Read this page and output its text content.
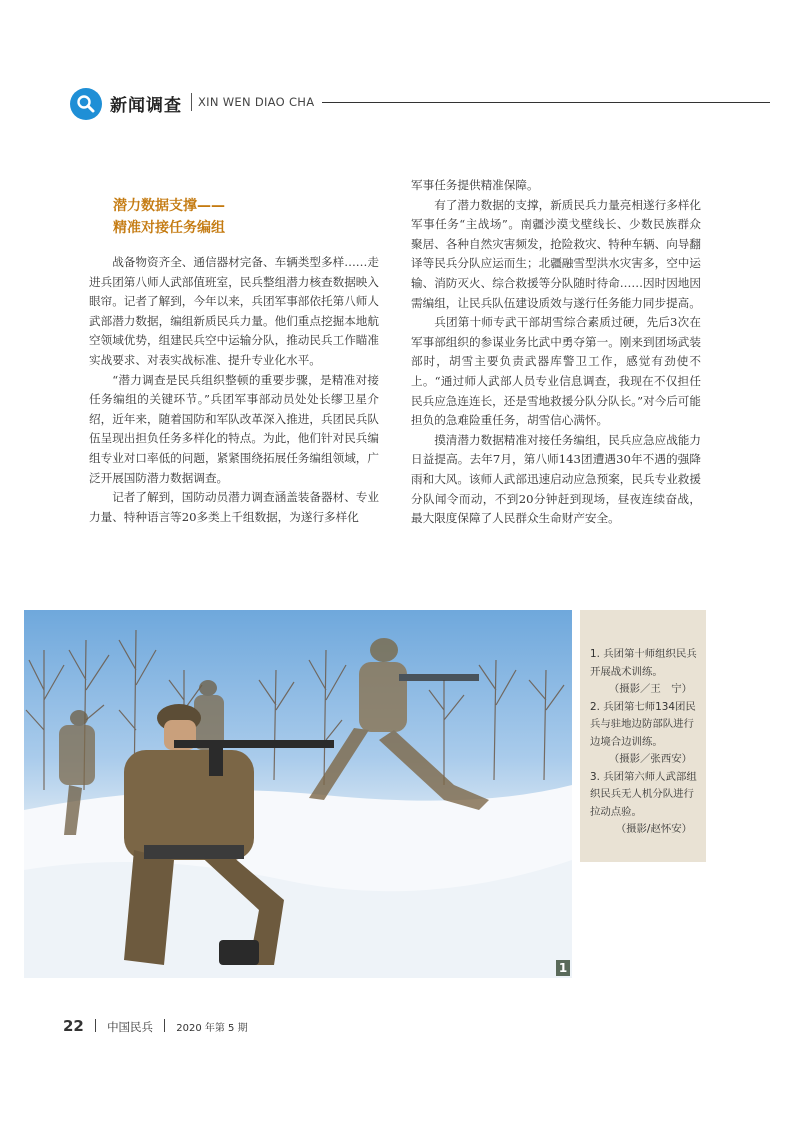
新闻调查 XIN WEN DIAO CHA
潜力数据支撑——
精准对接任务编组

战备物资齐全、通信器材完备、车辆类型多样……走进兵团第八师人武部值班室，民兵整组潜力核查数据映入眼帘。记者了解到，今年以来，兵团军事部依托第八师人武部潜力数据，编组新质民兵力量。他们重点挖掘本地航空领域优势，组建民兵空中运输分队，推动民兵工作瞄准实战要求、对表实战标准、提升专业化水平。

“潜力调查是民兵组织整顿的重要步骤，是精准对接任务编组的关键环节。”兵团军事部动员处处长缪卫星介绍，近年来，随着国防和军队改革深入推进，兵团民兵队伍呈现出担负任务多样化的特点。为此，他们针对民兵编组专业对口率低的问题，紧紧围绕拓展任务编组领域，广泛开展国防潜力数据调查。

记者了解到，国防动员潜力调查涵盖装备器材、专业力量、特种语言等20多类上千组数据，为遂行多样化

军事任务提供精准保障。

有了潜力数据的支撑，新质民兵力量亮相遂行多样化军事任务“主战场”。南疆沙漠戈壁线长、少数民族群众聚居、各种自然灾害频发，抢险救灾、特种车辆、向导翻译等民兵分队应运而生；北疆融雪型洪水灾害多，空中运输、消防灭火、综合救援等分队随时待命……因时因地因需编组，让民兵队伍建设质效与遂行任务能力同步提高。

兵团第十师专武干部胡雪综合素质过硬，先后3次在军事部组织的参谋业务比武中勇夺第一。刚来到团场武装部时，胡雪主要负责武器库警卫工作，感觉有劲使不上。“通过师人武部人员专业信息调查，我现在不仅担任民兵应急连连长，还是雪地救援分队分队长。”对今后可能担负的急难险重任务，胡雪信心满怀。

摸清潜力数据精准对接任务编组，民兵应急应战能力日益提高。去年7月，第八师143团遭遇30年不遇的强降雨和大风。该师人武部迅速启动应急预案，民兵专业救援分队闻令而动，不到20分钟赶到现场，昼夜连续奋战，最大限度保障了人民群众生命财产安全。

1
1. 兵团第十师组织民兵开展战术训练。
（摄影／王　宁）
2. 兵团第七师134团民兵与驻地边防部队进行边境合边训练。
（摄影／张西安）
3. 兵团第六师人武部组织民兵无人机分队进行拉动点验。
（摄影/赵怀安）
22 中国民兵 2020 年第 5 期
